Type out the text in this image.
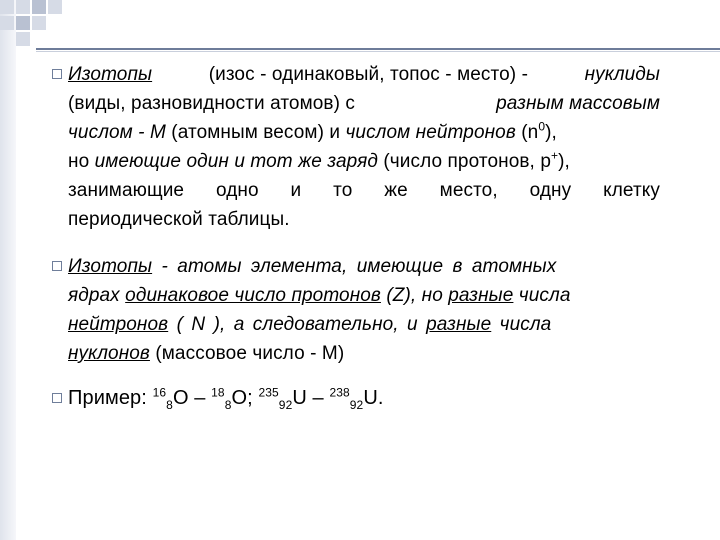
Изотопы	(изос - одинаковый, топос - место) -	нуклиды
(виды, разновидности атомов) с	разным массовым
числом - М (атомным весом) и числом нейтронов $(n^0)$,
но имеющие один и тот же заряд (число протонов, р+),
занимающие одно и то же место, одну клетку
периодической таблицы.
Изотопы - атомы элемента, имеющие в атомных
ядрах одинаковое число протонов (Z), но разные числа
нейтронов ( N ), а следовательно, и разные числа
нуклонов (массовое число - М)
Пример: $^{16}_8$O – $^{18}_8$O; $^{235}_{92}$U – $^{238}_{92}$U.
